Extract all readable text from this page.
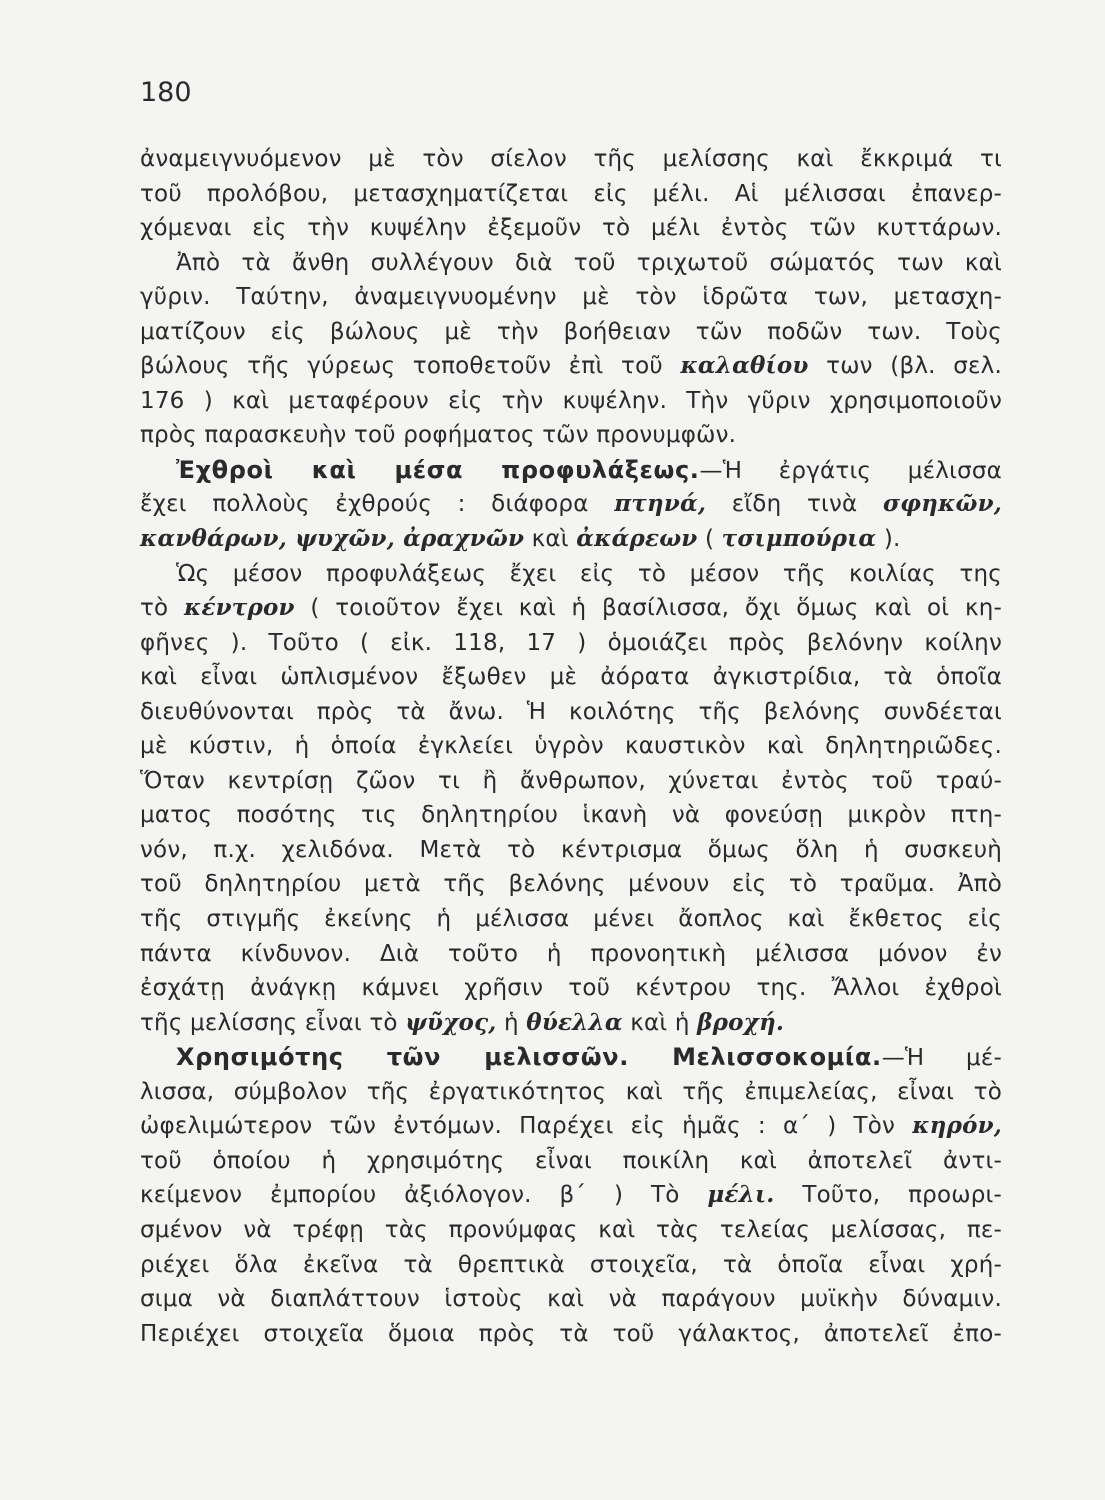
180
ἀναμειγνυόμενον μὲ τὸν σίελον τῆς μελίσσης καὶ ἔκκριμά τι
τοῦ προλόβου, μετασχηματίζεται εἰς μέλι. Αἱ μέλισσαι ἐπανερ-
χόμεναι εἰς τὴν κυψέλην ἐξεμοῦν τὸ μέλι ἐντὸς τῶν κυττάρων.
Ἀπὸ τὰ ἄνθη συλλέγουν διὰ τοῦ τριχωτοῦ σώματός των καὶ
γῦριν. Ταύτην, ἀναμειγνυομένην μὲ τὸν ἱδρῶτα των, μετασχη-
ματίζουν εἰς βώλους μὲ τὴν βοήθειαν τῶν ποδῶν των. Τοὺς
βώλους τῆς γύρεως τοποθετοῦν ἐπὶ τοῦ καλαθίου των (βλ. σελ.
176 ) καὶ μεταφέρουν εἰς τὴν κυψέλην. Τὴν γῦριν χρησιμοποιοῦν
πρὸς παρασκευὴν τοῦ ροφήματος τῶν προνυμφῶν.
Ἐχθροὶ καὶ μέσα προφυλάξεως.—Ἡ ἐργάτις μέλισσα
ἔχει πολλοὺς ἐχθρούς : διάφορα πτηνά, εἴδη τινὰ σφηκῶν,
κανθάρων, ψυχῶν, ἀραχνῶν καὶ ἀκάρεων ( τσιμπούρια ).
Ὡς μέσον προφυλάξεως ἔχει εἰς τὸ μέσον τῆς κοιλίας της
τὸ κέντρον ( τοιοῦτον ἔχει καὶ ἡ βασίλισσα, ὄχι ὅμως καὶ οἱ κη-
φῆνες ). Τοῦτο ( εἰκ. 118, 17 ) ὁμοιάζει πρὸς βελόνην κοίλην
καὶ εἶναι ὡπλισμένον ἔξωθεν μὲ ἀόρατα ἀγκιστρίδια, τὰ ὁποῖα
διευθύνονται πρὸς τὰ ἄνω. Ἡ κοιλότης τῆς βελόνης συνδέεται
μὲ κύστιν, ἡ ὁποία ἐγκλείει ὑγρὸν καυστικὸν καὶ δηλητηριῶδες.
Ὅταν κεντρίσῃ ζῶον τι ἢ ἄνθρωπον, χύνεται ἐντὸς τοῦ τραύ-
ματος ποσότης τις δηλητηρίου ἱκανὴ νὰ φονεύσῃ μικρὸν πτη-
νόν, π.χ. χελιδόνα. Μετὰ τὸ κέντρισμα ὅμως ὅλη ἡ συσκευὴ
τοῦ δηλητηρίου μετὰ τῆς βελόνης μένουν εἰς τὸ τραῦμα. Ἀπὸ
τῆς στιγμῆς ἐκείνης ἡ μέλισσα μένει ἄοπλος καὶ ἔκθετος εἰς
πάντα κίνδυνον. Διὰ τοῦτο ἡ προνοητικὴ μέλισσα μόνον ἐν
ἐσχάτῃ ἀνάγκῃ κάμνει χρῆσιν τοῦ κέντρου της. Ἄλλοι ἐχθροὶ
τῆς μελίσσης εἶναι τὸ ψῦχος, ἡ θύελλα καὶ ἡ βροχή.
Χρησιμότης τῶν μελισσῶν. Μελισσοκομία.—Ἡ μέ-
λισσα, σύμβολον τῆς ἐργατικότητος καὶ τῆς ἐπιμελείας, εἶναι τὸ
ὠφελιμώτερον τῶν ἐντόμων. Παρέχει εἰς ἡμᾶς : α΄ ) Τὸν κηρόν,
τοῦ ὁποίου ἡ χρησιμότης εἶναι ποικίλη καὶ ἀποτελεῖ ἀντι-
κείμενον ἐμπορίου ἀξιόλογον. β΄ ) Τὸ μέλι. Τοῦτο, προωρι-
σμένον νὰ τρέφῃ τὰς προνύμφας καὶ τὰς τελείας μελίσσας, πε-
ριέχει ὅλα ἐκεῖνα τὰ θρεπτικὰ στοιχεῖα, τὰ ὁποῖα εἶναι χρή-
σιμα νὰ διαπλάττουν ἱστοὺς καὶ νὰ παράγουν μυϊκὴν δύναμιν.
Περιέχει στοιχεῖα ὅμοια πρὸς τὰ τοῦ γάλακτος, ἀποτελεῖ ἐπο-
